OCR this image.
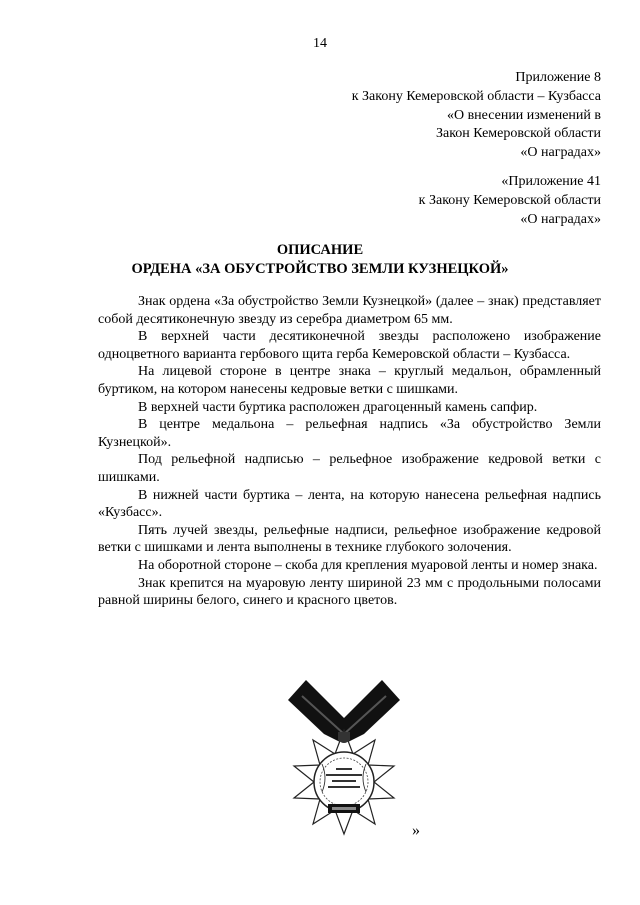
14
Приложение 8
к Закону Кемеровской области – Кузбасса
«О внесении изменений в
Закон Кемеровской области
«О наградах»
«Приложение 41
к Закону Кемеровской области
«О наградах»
ОПИСАНИЕ
ОРДЕНА «ЗА ОБУСТРОЙСТВО ЗЕМЛИ КУЗНЕЦКОЙ»

Знак ордена «За обустройство Земли Кузнецкой» (далее – знак) представляет собой десятиконечную звезду из серебра диаметром 65 мм.

В верхней части десятиконечной звезды расположено изображение одноцветного варианта гербового щита герба Кемеровской области – Кузбасса.

На лицевой стороне в центре знака – круглый медальон, обрамленный буртиком, на котором нанесены кедровые ветки с шишками.

В верхней части буртика расположен драгоценный камень сапфир.

В центре медальона – рельефная надпись «За обустройство Земли Кузнецкой».

Под рельефной надписью – рельефное изображение кедровой ветки с шишками.

В нижней части буртика – лента, на которую нанесена рельефная надпись «Кузбасс».

Пять лучей звезды, рельефные надписи, рельефное изображение кедровой ветки с шишками и лента выполнены в технике глубокого золочения.

На оборотной стороне – скоба для крепления муаровой ленты и номер знака.

Знак крепится на муаровую ленту шириной 23 мм с продольными полосами равной ширины белого, синего и красного цветов.

»
